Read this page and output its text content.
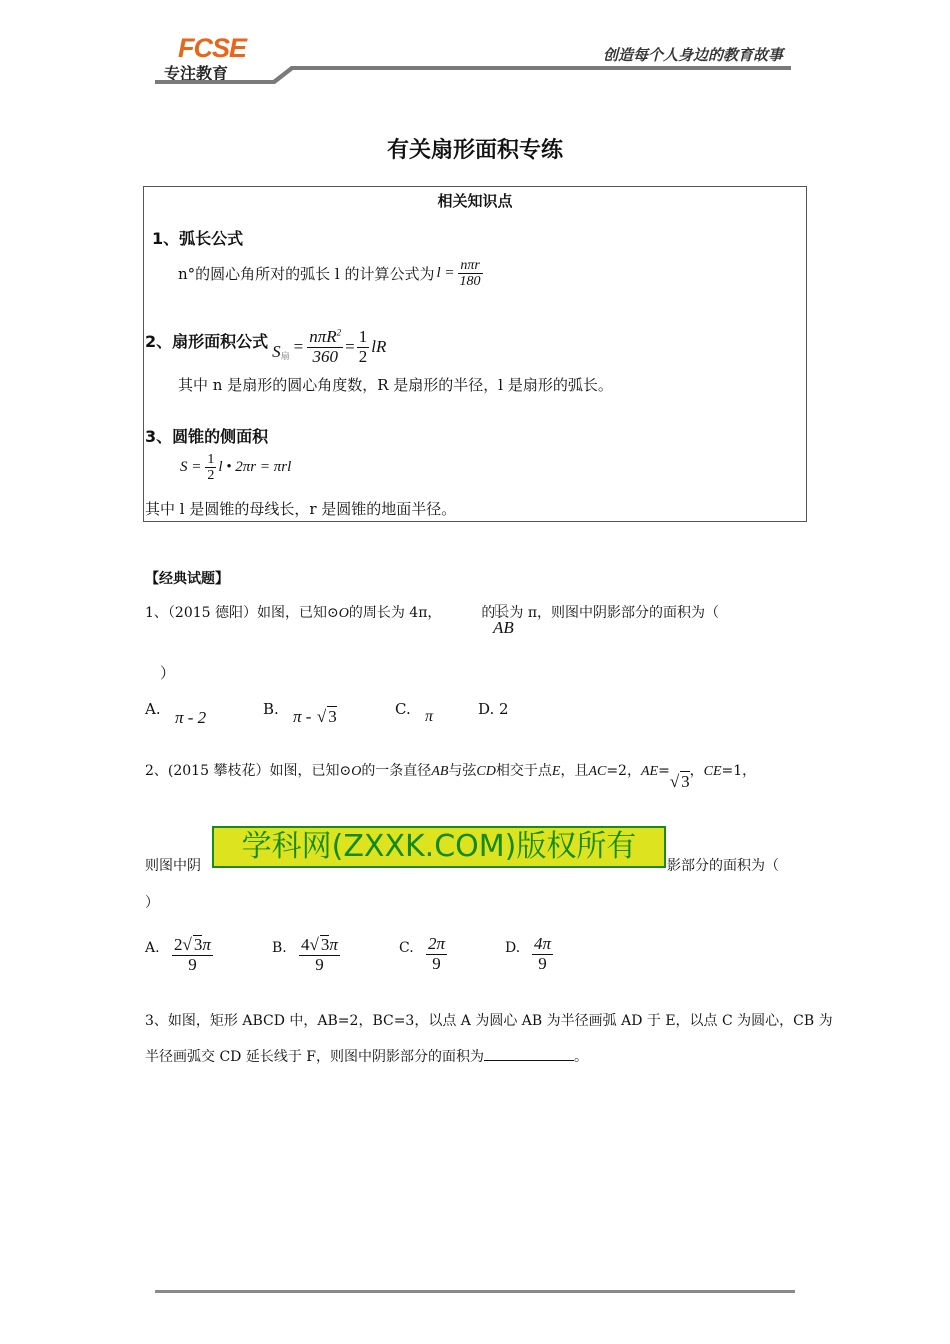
FCSE
专注教育
创造每个人身边的教育故事
有关扇形面积专练
相关知识点
1、弧长公式
n°的圆心角所对的弧长 l 的计算公式为 $l = \frac{\text{nπr}}{180}$
2、扇形面积公式
S 扇
= $\frac{n\pi R^2}{360} = \frac{1}{2}$ lR
其中 n 是扇形的圆心角度数，R 是扇形的半径，l 是扇形的弧长。
3、圆锥的侧面积
$S = \frac{1}{2}$ l • 2πr = πrl
其中 l 是圆锥的母线长，r 是圆锥的地面半径。
【经典试题】
1、（2015 德阳）如图，已知⊙O的周长为 4π，	的长为 π，则图中阴影部分的面积为（
AB
）
A. π - 2	B. π - √ 3	C. π	D. 2
2、(2015 攀枝花）如图，已知⊙O的一条直径AB与弦CD相交于点E，且AC=2，AE=√ 3，CE=1，
则图中阴	影部分的面积为（
）
学科网(ZXXK.COM)版权所有
A. $\frac{2√ 3\pi}{9}$	B. $\frac{4√ 3\pi}{9}$	C. $\frac{2\pi}{9}$	D. $\frac{4\pi}{9}$
3、如图，矩形 ABCD 中，AB=2，BC=3，以点 A 为圆心 AB 为半径画弧 AD 于 E，以点 C 为圆心，CB 为
半径画弧交 CD 延长线于 F，则图中阴影部分的面积为	。
